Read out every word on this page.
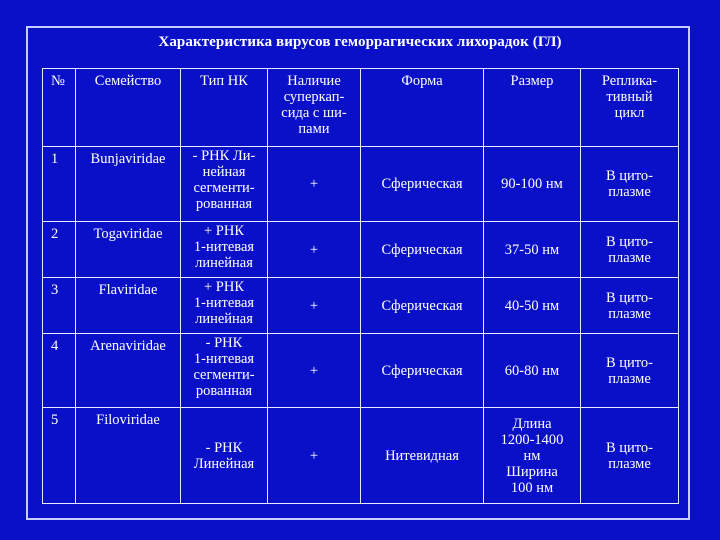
Характеристика вирусов геморрагических лихорадок (ГЛ)
№	Семейство	Тип НК	Наличие
суперкап-
сида с ши-
пами	Форма	Размер	Реплика-
тивный
цикл
1	Bunjaviridae	- РНК Ли-
нейная
сегменти-
рованная	+	Сферическая	90-100 нм	В цито-
плазме
2	Togaviridae	+ РНК
1-нитевая
линейная	+	Сферическая	37-50 нм	В цито-
плазме
3	Flaviridae	+ РНК
1-нитевая
линейная	+	Сферическая	40-50 нм	В цито-
плазме
4	Arenaviridae	- РНК
1-нитевая
сегменти-
рованная	+	Сферическая	60-80 нм	В цито-
плазме
5	Filoviridae	- РНК
Линейная	+	Нитевидная	Длина
1200-1400
нм
Ширина
100 нм	В цито-
плазме
